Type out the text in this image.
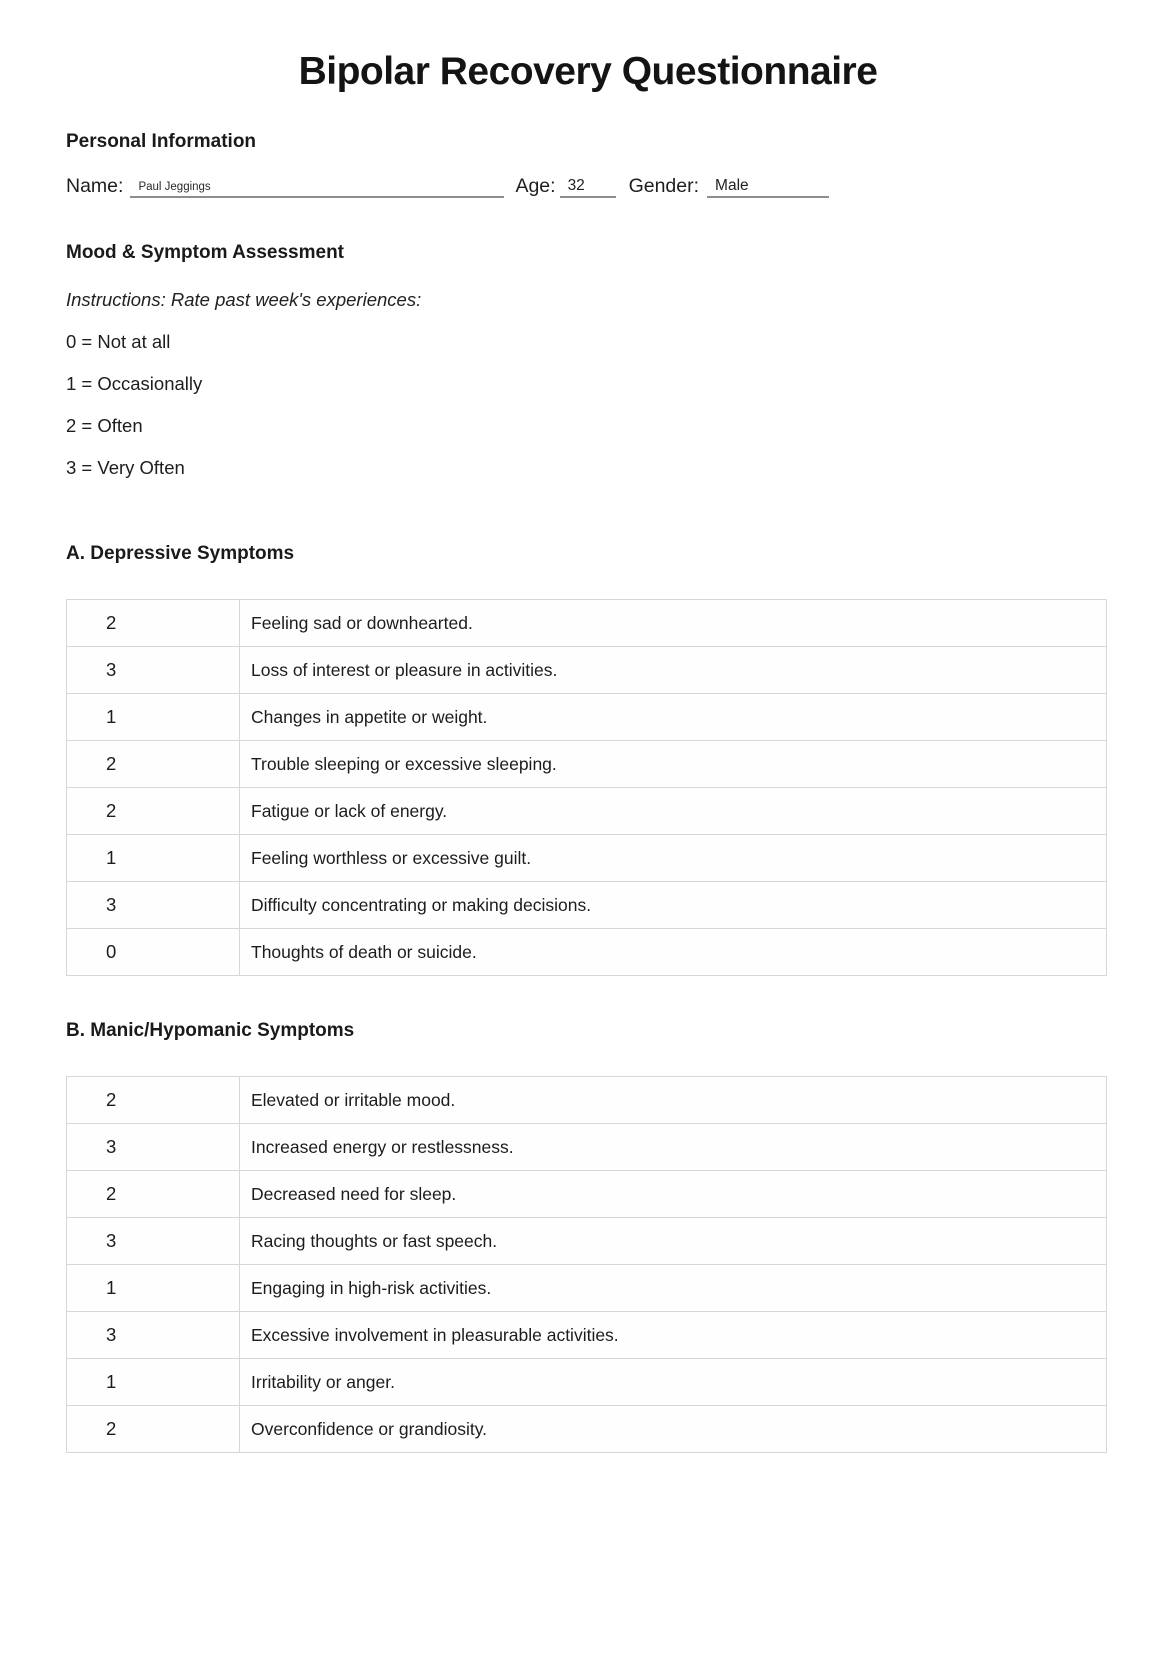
Bipolar Recovery Questionnaire
Personal Information
Name:	Paul Jeggings	Age: 32	Gender:	Male
Mood & Symptom Assessment
Instructions: Rate past week's experiences:
0 = Not at all
1 = Occasionally
2 = Often
3 = Very Often
A. Depressive Symptoms
2	Feeling sad or downhearted.
3	Loss of interest or pleasure in activities.
1	Changes in appetite or weight.
2	Trouble sleeping or excessive sleeping.
2	Fatigue or lack of energy.
1	Feeling worthless or excessive guilt.
3	Difficulty concentrating or making decisions.
0	Thoughts of death or suicide.
B. Manic/Hypomanic Symptoms
2	Elevated or irritable mood.
3	Increased energy or restlessness.
2	Decreased need for sleep.
3	Racing thoughts or fast speech.
1	Engaging in high-risk activities.
3	Excessive involvement in pleasurable activities.
1	Irritability or anger.
2	Overconfidence or grandiosity.
